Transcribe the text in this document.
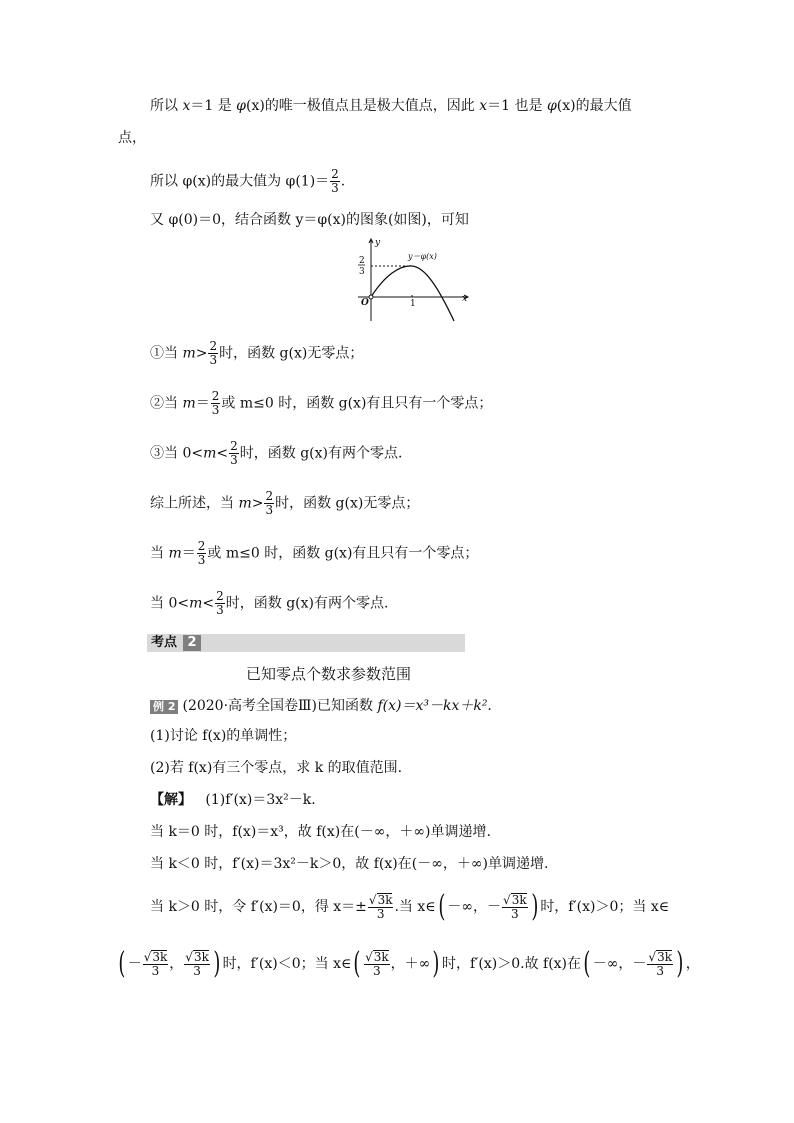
所以 x＝1 是 φ(x)的唯一极值点且是极大值点，因此 x＝1 也是 φ(x)的最大值
点，
所以 φ(x)的最大值为 $\varphi(1)= \frac{2}{3}$ .
又 φ(0)＝0，结合函数 y＝φ(x)的图象(如图)，可知
y
x
O	1
2
3
y＝φ(x)
①当 $m> \frac{2}{3}$ 时，函数 g(x)无零点；
②当 $m= \frac{2}{3}$ 或 m≤0 时，函数 g(x)有且只有一个零点；
③当 $0<m< \frac{2}{3}$ 时，函数 g(x)有两个零点.
综上所述，当 $m> \frac{2}{3}$ 时，函数 g(x)无零点；
当 $m= \frac{2}{3}$ 或 m≤0 时，函数 g(x)有且只有一个零点；
当 $0<m< \frac{2}{3}$ 时，函数 g(x)有两个零点.
考点 2
已知零点个数求参数范围
例 2 (2020·高考全国卷Ⅲ)已知函数 f(x)＝x³－kx＋k².
(1)讨论 f(x)的单调性；
(2)若 f(x)有三个零点，求 k 的取值范围.
【解】 (1)f′(x)＝3x²－k.
当 k＝0 时，f(x)＝x³，故 f(x)在(－∞，＋∞)单调递增.
当 k＜0 时，f′(x)＝3x²－k＞0，故 f(x)在(－∞，＋∞)单调递增.
当 k＞0 时，令 f′(x)＝0，得 $x=\pm \frac{√3k}{3}$ .当 x∈( －∞，－ $\frac{√3k}{3}$ ) 时，f′(x)＞0；当 x∈
( － $\frac{√3k}{3}$ ， $\frac{√3k}{3}$ ) 时，f′(x)＜0；当 x∈( $\frac{√3k}{3}$ ，＋∞) 时，f′(x)＞0.故 f(x)在( －∞，－ $\frac{√3k}{3}$ ) ，
